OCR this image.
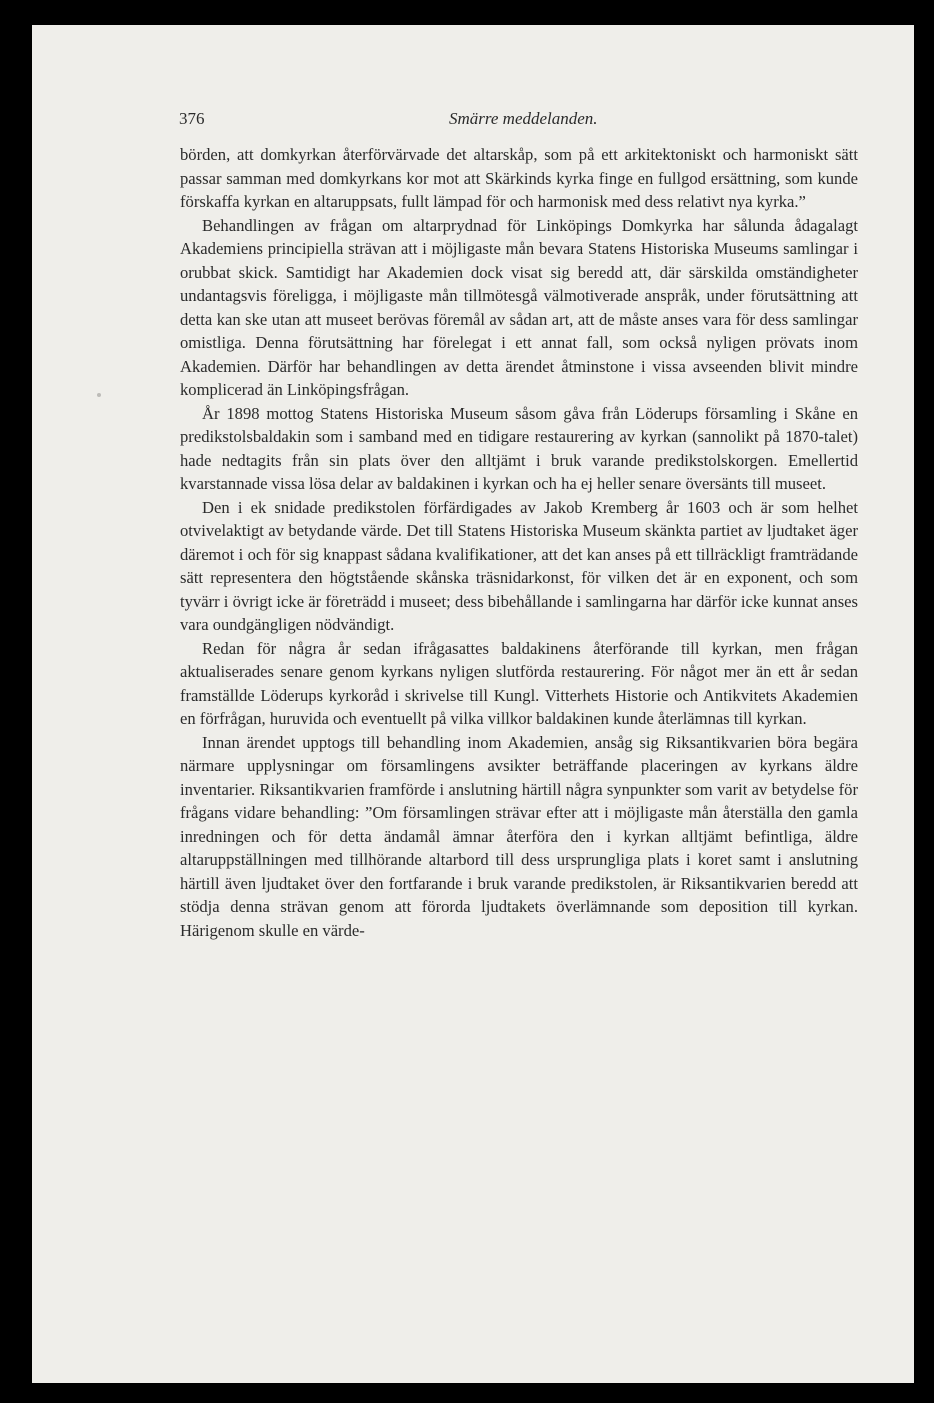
376	Smärre meddelanden.

börden, att domkyrkan återförvärvade det altarskåp, som på ett arkitektoniskt och harmoniskt sätt passar samman med domkyrkans kor mot att Skärkinds kyrka finge en fullgod ersättning, som kunde förskaffa kyrkan en altaruppsats, fullt lämpad för och harmonisk med dess relativt nya kyrka.”

Behandlingen av frågan om altarprydnad för Linköpings Domkyrka har sålunda ådagalagt Akademiens principiella strävan att i möjligaste mån bevara Statens Historiska Museums samlingar i orubbat skick. Samtidigt har Akademien dock visat sig beredd att, där särskilda omständigheter undantagsvis föreligga, i möjligaste mån tillmötesgå välmotiverade anspråk, under förutsättning att detta kan ske utan att museet berövas föremål av sådan art, att de måste anses vara för dess samlingar omistliga. Denna förutsättning har förelegat i ett annat fall, som också nyligen prövats inom Akademien. Därför har behandlingen av detta ärendet åtminstone i vissa avseenden blivit mindre komplicerad än Linköpingsfrågan.

År 1898 mottog Statens Historiska Museum såsom gåva från Löderups församling i Skåne en predikstolsbaldakin som i samband med en tidigare restaurering av kyrkan (sannolikt på 1870-talet) hade nedtagits från sin plats över den alltjämt i bruk varande predikstolskorgen. Emellertid kvarstannade vissa lösa delar av baldakinen i kyrkan och ha ej heller senare översänts till museet.

Den i ek snidade predikstolen förfärdigades av Jakob Kremberg år 1603 och är som helhet otvivelaktigt av betydande värde. Det till Statens Historiska Museum skänkta partiet av ljudtaket äger däremot i och för sig knappast sådana kvalifikationer, att det kan anses på ett tillräckligt framträdande sätt representera den högtstående skånska träsnidarkonst, för vilken det är en exponent, och som tyvärr i övrigt icke är företrädd i museet; dess bibehållande i samlingarna har därför icke kunnat anses vara oundgängligen nödvändigt.

Redan för några år sedan ifrågasattes baldakinens återförande till kyrkan, men frågan aktualiserades senare genom kyrkans nyligen slutförda restaurering. För något mer än ett år sedan framställde Löderups kyrkoråd i skrivelse till Kungl. Vitterhets Historie och Antikvitets Akademien en förfrågan, huruvida och eventuellt på vilka villkor baldakinen kunde återlämnas till kyrkan.

Innan ärendet upptogs till behandling inom Akademien, ansåg sig Riksantikvarien böra begära närmare upplysningar om församlingens avsikter beträffande placeringen av kyrkans äldre inventarier. Riksantikvarien framförde i anslutning härtill några synpunkter som varit av betydelse för frågans vidare behandling: ”Om församlingen strävar efter att i möjligaste mån återställa den gamla inredningen och för detta ändamål ämnar återföra den i kyrkan alltjämt befintliga, äldre altaruppställningen med tillhörande altarbord till dess ursprungliga plats i koret samt i anslutning härtill även ljudtaket över den fortfarande i bruk varande predikstolen, är Riksantikvarien beredd att stödja denna strävan genom att förorda ljudtakets överlämnande som deposition till kyrkan. Härigenom skulle en värde-
